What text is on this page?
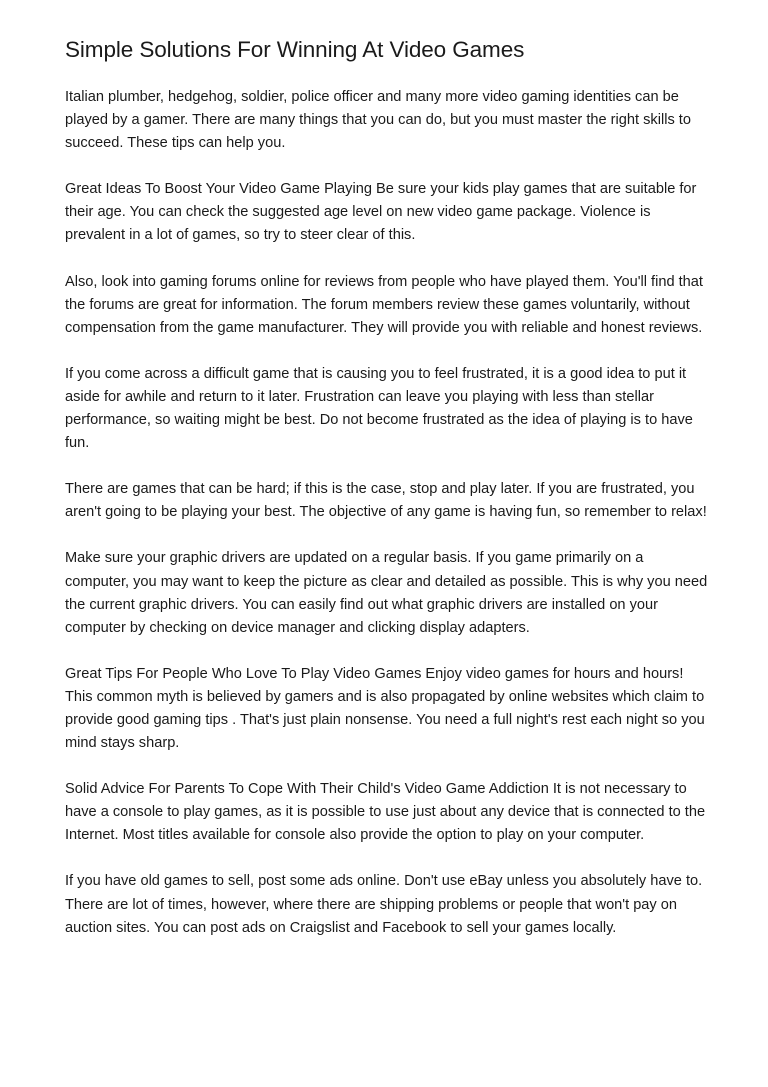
Simple Solutions For Winning At Video Games

Italian plumber, hedgehog, soldier, police officer and many more video gaming identities can be played by a gamer. There are many things that you can do, but you must master the right skills to succeed. These tips can help you.

Great Ideas To Boost Your Video Game Playing Be sure your kids play games that are suitable for their age. You can check the suggested age level on new video game package. Violence is prevalent in a lot of games, so try to steer clear of this.

Also, look into gaming forums online for reviews from people who have played them. You'll find that the forums are great for information. The forum members review these games voluntarily, without compensation from the game manufacturer. They will provide you with reliable and honest reviews.

If you come across a difficult game that is causing you to feel frustrated, it is a good idea to put it aside for awhile and return to it later. Frustration can leave you playing with less than stellar performance, so waiting might be best. Do not become frustrated as the idea of playing is to have fun.

There are games that can be hard; if this is the case, stop and play later. If you are frustrated, you aren't going to be playing your best. The objective of any game is having fun, so remember to relax!

Make sure your graphic drivers are updated on a regular basis. If you game primarily on a computer, you may want to keep the picture as clear and detailed as possible. This is why you need the current graphic drivers. You can easily find out what graphic drivers are installed on your computer by checking on device manager and clicking display adapters.

Great Tips For People Who Love To Play Video Games Enjoy video games for hours and hours! This common myth is believed by gamers and is also propagated by online websites which claim to provide good gaming tips . That's just plain nonsense. You need a full night's rest each night so you mind stays sharp.

Solid Advice For Parents To Cope With Their Child's Video Game Addiction It is not necessary to have a console to play games, as it is possible to use just about any device that is connected to the Internet. Most titles available for console also provide the option to play on your computer.

If you have old games to sell, post some ads online. Don't use eBay unless you absolutely have to. There are lot of times, however, where there are shipping problems or people that won't pay on auction sites. You can post ads on Craigslist and Facebook to sell your games locally.
